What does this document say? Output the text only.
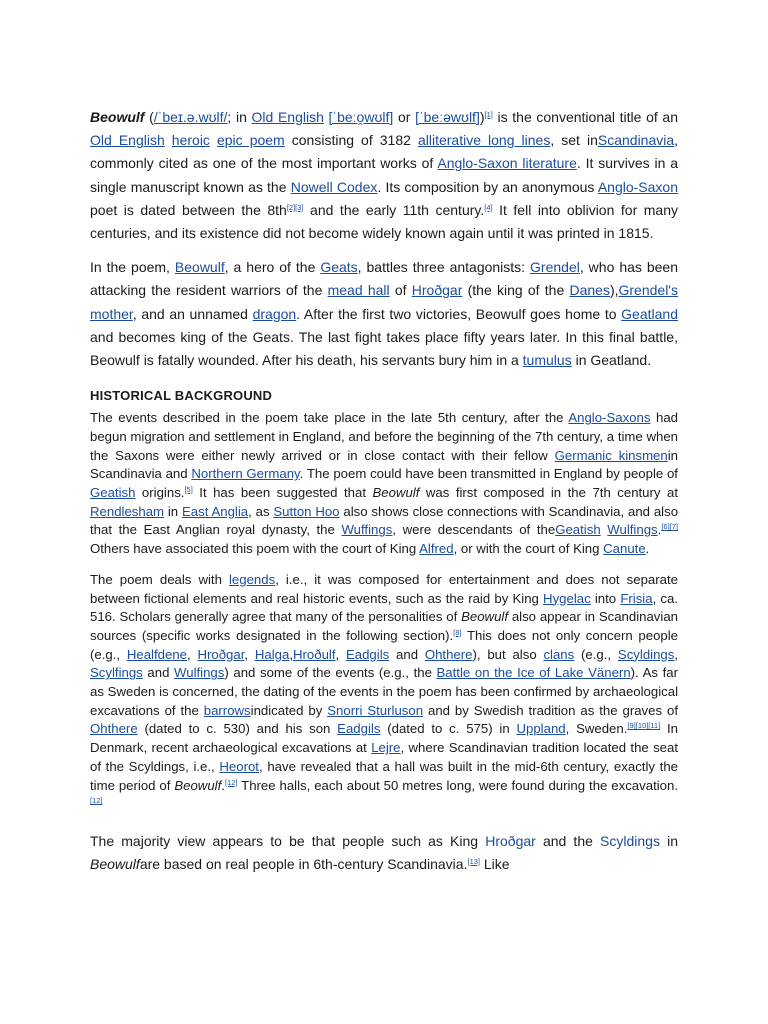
Beowulf (/ˈbeɪ.ə.wʊlf/; in Old English [ˈbeːo̯wʊlf] or [ˈbeːəwʊlf])[1] is the conventional title of an Old English heroic epic poem consisting of 3182 alliterative long lines, set inScandinavia, commonly cited as one of the most important works of Anglo-Saxon literature. It survives in a single manuscript known as the Nowell Codex. Its composition by an anonymous Anglo-Saxon poet is dated between the 8th[2][3] and the early 11th century.[4] It fell into oblivion for many centuries, and its existence did not become widely known again until it was printed in 1815.

In the poem, Beowulf, a hero of the Geats, battles three antagonists: Grendel, who has been attacking the resident warriors of the mead hall of Hroðgar (the king of the Danes),Grendel's mother, and an unnamed dragon. After the first two victories, Beowulf goes home to Geatland and becomes king of the Geats. The last fight takes place fifty years later. In this final battle, Beowulf is fatally wounded. After his death, his servants bury him in a tumulus in Geatland.

HISTORICAL BACKGROUND

The events described in the poem take place in the late 5th century, after the Anglo-Saxons had begun migration and settlement in England, and before the beginning of the 7th century, a time when the Saxons were either newly arrived or in close contact with their fellow Germanic kinsmenin Scandinavia and Northern Germany. The poem could have been transmitted in England by people of Geatish origins.[5] It has been suggested that Beowulf was first composed in the 7th century at Rendlesham in East Anglia, as Sutton Hoo also shows close connections with Scandinavia, and also that the East Anglian royal dynasty, the Wuffings, were descendants of theGeatish Wulfings.[6][7] Others have associated this poem with the court of King Alfred, or with the court of King Canute.

The poem deals with legends, i.e., it was composed for entertainment and does not separate between fictional elements and real historic events, such as the raid by King Hygelac into Frisia, ca. 516. Scholars generally agree that many of the personalities of Beowulf also appear in Scandinavian sources (specific works designated in the following section).[8] This does not only concern people (e.g., Healfdene, Hroðgar, Halga,Hroðulf, Eadgils and Ohthere), but also clans (e.g., Scyldings, Scylfings and Wulfings) and some of the events (e.g., the Battle on the Ice of Lake Vänern). As far as Sweden is concerned, the dating of the events in the poem has been confirmed by archaeological excavations of the barrowsindicated by Snorri Sturluson and by Swedish tradition as the graves of Ohthere (dated to c. 530) and his son Eadgils (dated to c. 575) in Uppland, Sweden.[9][10][11] In Denmark, recent archaeological excavations at Lejre, where Scandinavian tradition located the seat of the Scyldings, i.e., Heorot, have revealed that a hall was built in the mid-6th century, exactly the time period of Beowulf.[12] Three halls, each about 50 metres long, were found during the excavation.[12]

The majority view appears to be that people such as King Hroðgar and the Scyldings in Beowulfare based on real people in 6th-century Scandinavia.[13] Like
